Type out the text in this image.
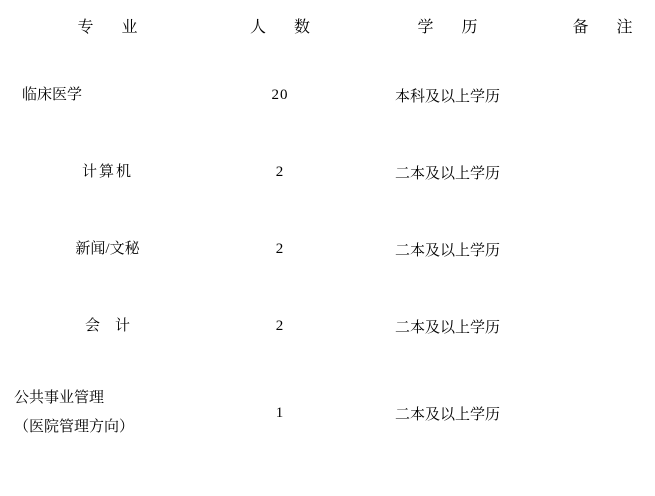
专　业	人　数	学　历	备　注

临床医学	20	本科及以上学历	

计算机	2	二本及以上学历	

新闻/文秘	2	二本及以上学历	

会　计	2	二本及以上学历	

公共事业管理
（医院管理方向）	1	二本及以上学历	
